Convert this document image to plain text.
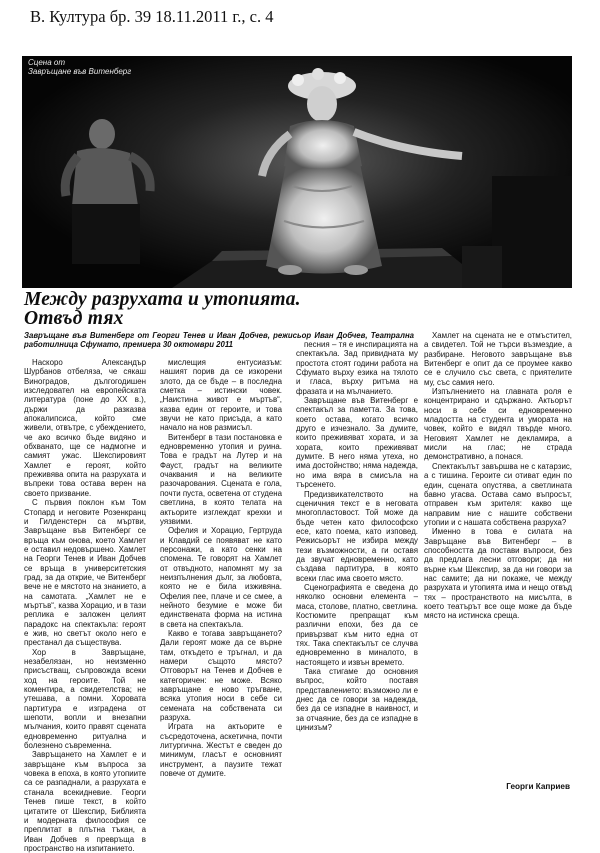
В. Култура бр. 39 18.11.2011 г., с. 4
Сцена от
Завръщане във Витенберг
Между разрухата и утопията.
Отвъд тях
Завръщане във Витенберг от Георги Тенев и Иван Добчев, режисьор Иван Добчев, Театрална работилница Сфумато, премиера 30 октомври 2011

Наскоро Александър Шурбанов отбеляза, че сякаш Виноградов, дългогодишен изследовател на европейската литература (поне до ХХ в.), държи да разказва апокалипсиса, който сме живели, отвътре, с убеждението, че ако всичко бъде видяно и обхванато, ще се надмогне и самият ужас. Шекспировият Хамлет е героят, който преживява опита на разрухата и въпреки това остава верен на своето призвание.

С първия поклон към Том Стопард и неговите Розенкранц и Гилденстерн са мъртви, Завръщане във Витенберг се връща към онова, което Хамлет е оставил недовършено. Хамлет на Георги Тенев и Иван Добчев се връща в университетския град, за да открие, че Витенберг вече не е мястото на знанието, а на самотата. „Хамлет не е мъртъв“, казва Хорацио, и в тази реплика е заложен целият парадокс на спектакъла: героят е жив, но светът около него е престанал да съществува.

Хор в Завръщане, незабелязан, но неизменно присъстващ, съпровожда всеки ход на героите. Той не коментира, а свидетелства; не утешава, а помни. Хоровата партитура е изградена от шепоти, вопли и внезапни мълчания, които правят сцената едновременно ритуална и болезнено съвременна.

Завръщането на Хамлет е и завръщане към въпроса за човека в епоха, в която утопиите са се разпаднали, а разрухата е станала всекидневие. Георги Тенев пише текст, в който цитатите от Шекспир, Библията и модерната философия се преплитат в плътна тъкан, а Иван Добчев я превръща в пространство на изпитанието.

мислещия ентусиазъм: нашият порив да се изкорени злото, да се бъде – в последна сметка – истински човек. „Наистина живот е мъртъв“, казва един от героите, и това звучи не като присъда, а като начало на нов размисъл.

Витенберг в тази постановка е едновременно утопия и руина. Това е градът на Лутер и на Фауст, градът на великите очаквания и на великите разочарования. Сцената е гола, почти пуста, осветена от студена светлина, в която телата на актьорите изглеждат крехки и уязвими.

Офелия и Хорацио, Гертруда и Клавдий се появяват не като персонажи, а като сенки на спомена. Те говорят на Хамлет от отвъдното, напомнят му за неизпълнения дълг, за любовта, която не е била изживяна. Офелия пее, плаче и се смее, а нейното безумие е може би единствената форма на истина в света на спектакъла.

Какво е тогава завръщането? Дали героят може да се върне там, откъдето е тръгнал, и да намери същото място? Отговорът на Тенев и Добчев е категоричен: не може. Всяко завръщане е ново тръгване, всяка утопия носи в себе си семената на собствената си разруха.

Играта на актьорите е съсредоточена, аскетична, почти литургична. Жестът е сведен до минимум, гласът е основният инструмент, а паузите тежат повече от думите.

песния – тя е инспирацията на спектакъла. Зад привидната му простота стоят години работа на Сфумато върху езика на тялото и гласа, върху ритъма на фразата и на мълчанието.

Завръщане във Витенберг е спектакъл за паметта. За това, което остава, когато всичко друго е изчезнало. За думите, които преживяват хората, и за хората, които преживяват думите. В него няма утеха, но има достойнство; няма надежда, но има вяра в смисъла на търсенето.

Предизвикателството на сценичния текст е в неговата многопластовост. Той може да бъде четен като философско есе, като поема, като изповед. Режисьорът не избира между тези възможности, а ги оставя да звучат едновременно, като създава партитура, в която всеки глас има своето място.

Сценографията е сведена до няколко основни елемента – маса, столове, платно, светлина. Костюмите препращат към различни епохи, без да се привързват към нито една от тях. Така спектакълът се случва едновременно в миналото, в настоящето и извън времето.

Така стигаме до основния въпрос, който поставя представлението: възможно ли е днес да се говори за надежда, без да се изпадне в наивност, и за отчаяние, без да се изпадне в цинизъм?

Хамлет на сцената не е отмъстител, а свидетел. Той не търси възмездие, а разбиране. Неговото завръщане във Витенберг е опит да се проумее какво се е случило със света, с приятелите му, със самия него.

Изпълнението на главната роля е концентрирано и сдържано. Актьорът носи в себе си едновременно младостта на студента и умората на човек, който е видял твърде много. Неговият Хамлет не декламира, а мисли на глас; не страда демонстративно, а понася.

Спектакълът завършва не с катарзис, а с тишина. Героите си отиват един по един, сцената опустява, а светлината бавно угасва. Остава само въпросът, отправен към зрителя: какво ще направим ние с нашите собствени утопии и с нашата собствена разруха?

Именно в това е силата на Завръщане във Витенберг – в способността да постави въпроси, без да предлага лесни отговори; да ни върне към Шекспир, за да ни говори за нас самите; да ни покаже, че между разрухата и утопията има и нещо отвъд тях – пространството на мисълта, в което театърът все още може да бъде място на истинска среща.

Георги Каприев
